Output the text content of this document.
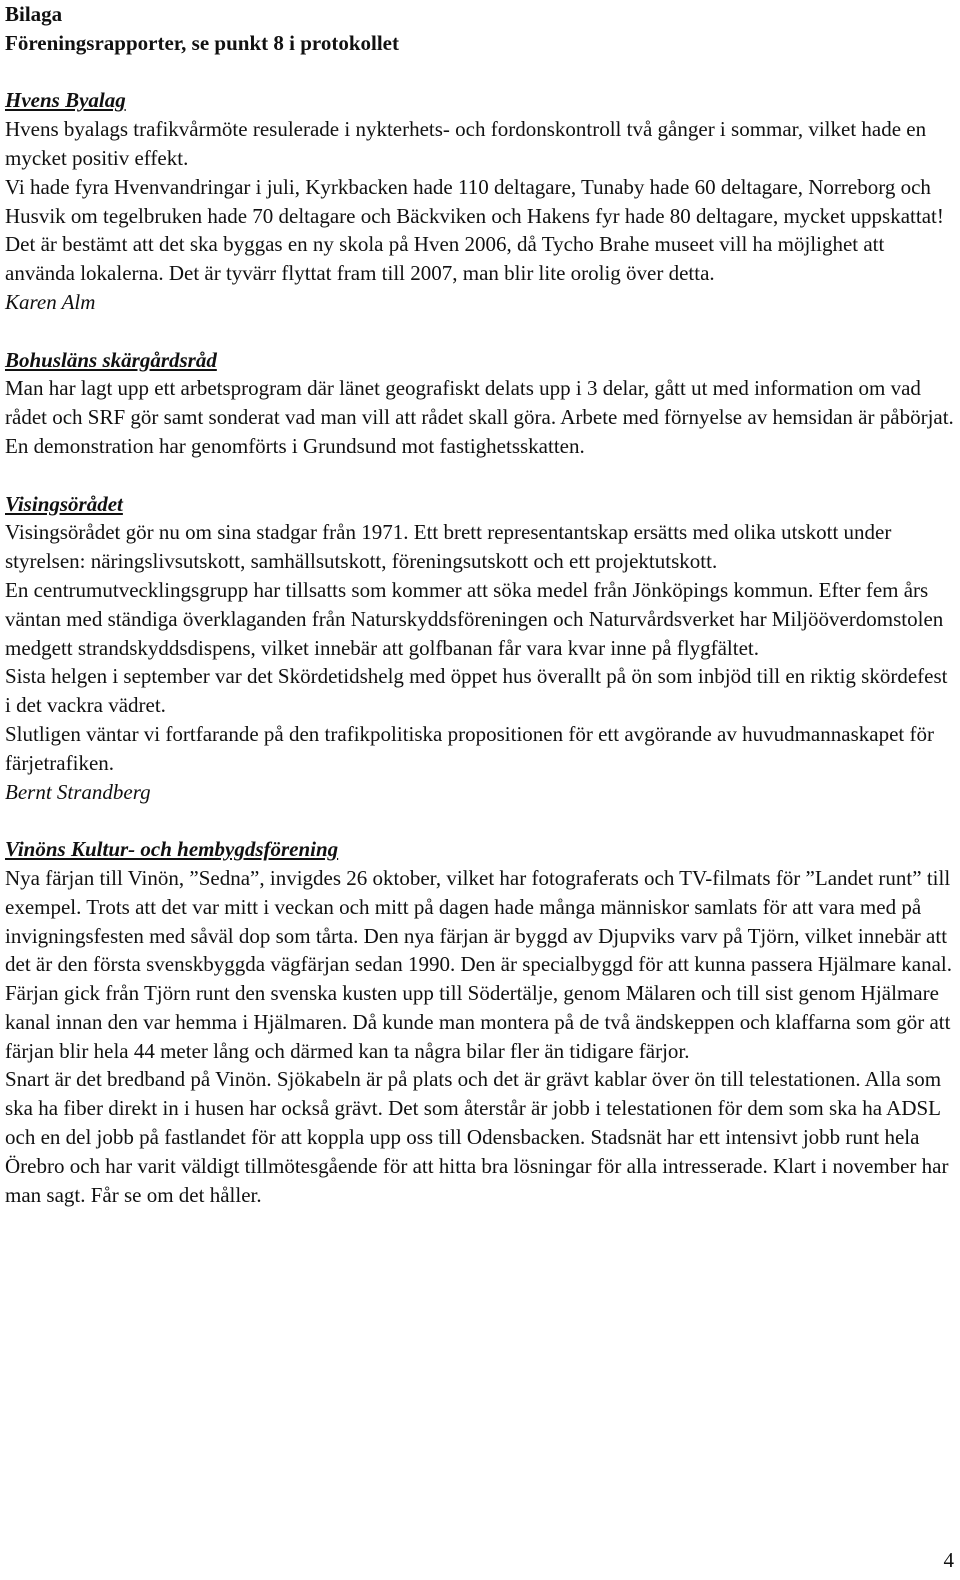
Bilaga

Föreningsrapporter, se punkt 8 i protokollet

Hvens Byalag

Hvens byalags trafikvårmöte resulerade i nykterhets- och fordonskontroll två gånger i sommar, vilket hade en mycket positiv effekt.

Vi hade fyra Hvenvandringar i juli, Kyrkbacken hade 110 deltagare, Tunaby hade 60 deltagare, Norreborg och Husvik om tegelbruken hade 70 deltagare och Bäckviken och Hakens fyr hade 80 deltagare, mycket uppskattat!

Det är bestämt att det ska byggas en ny skola på Hven 2006, då Tycho Brahe museet vill ha möjlighet att använda lokalerna. Det är tyvärr flyttat fram till 2007, man blir lite orolig över detta.

Karen Alm

Bohusläns skärgårdsråd

Man har lagt upp ett arbetsprogram där länet geografiskt delats upp i 3 delar, gått ut med information om vad rådet och SRF gör samt sonderat vad man vill att rådet skall göra. Arbete med förnyelse av hemsidan är påbörjat. En demonstration har genomförts i Grundsund mot fastighetsskatten.

Visingsörådet

Visingsörådet gör nu om sina stadgar från 1971. Ett brett representantskap ersätts med olika utskott under styrelsen: näringslivsutskott, samhällsutskott, föreningsutskott och ett projektutskott.

En centrumutvecklingsgrupp har tillsatts som kommer att söka medel från Jönköpings kommun. Efter fem års väntan med ständiga överklaganden från Naturskyddsföreningen och Naturvårdsverket har Miljööverdomstolen medgett strandskyddsdispens, vilket innebär att golfbanan får vara kvar inne på flygfältet.

Sista helgen i september var det Skördetidshelg med öppet hus överallt på ön som inbjöd till en riktig skördefest i det vackra vädret.

Slutligen väntar vi fortfarande på den trafikpolitiska propositionen för ett avgörande av huvudmannaskapet för färjetrafiken.

Bernt Strandberg

Vinöns Kultur- och hembygdsförening

Nya färjan till Vinön, ”Sedna”, invigdes 26 oktober, vilket har fotograferats och TV-filmats för ”Landet runt” till exempel. Trots att det var mitt i veckan och mitt på dagen hade många människor samlats för att vara med på invigningsfesten med såväl dop som tårta. Den nya färjan är byggd av Djupviks varv på Tjörn, vilket innebär att det är den första svenskbyggda vägfärjan sedan 1990. Den är specialbyggd för att kunna passera Hjälmare kanal. Färjan gick från Tjörn runt den svenska kusten upp till Södertälje, genom Mälaren och till sist genom Hjälmare kanal innan den var hemma i Hjälmaren. Då kunde man montera på de två ändskeppen och klaffarna som gör att färjan blir hela 44 meter lång och därmed kan ta några bilar fler än tidigare färjor.

Snart är det bredband på Vinön. Sjökabeln är på plats och det är grävt kablar över ön till telestationen. Alla som ska ha fiber direkt in i husen har också grävt. Det som återstår är jobb i telestationen för dem som ska ha ADSL och en del jobb på fastlandet för att koppla upp oss till Odensbacken. Stadsnät har ett intensivt jobb runt hela Örebro och har varit väldigt tillmötesgående för att hitta bra lösningar för alla intresserade. Klart i november har man sagt. Får se om det håller.

4
